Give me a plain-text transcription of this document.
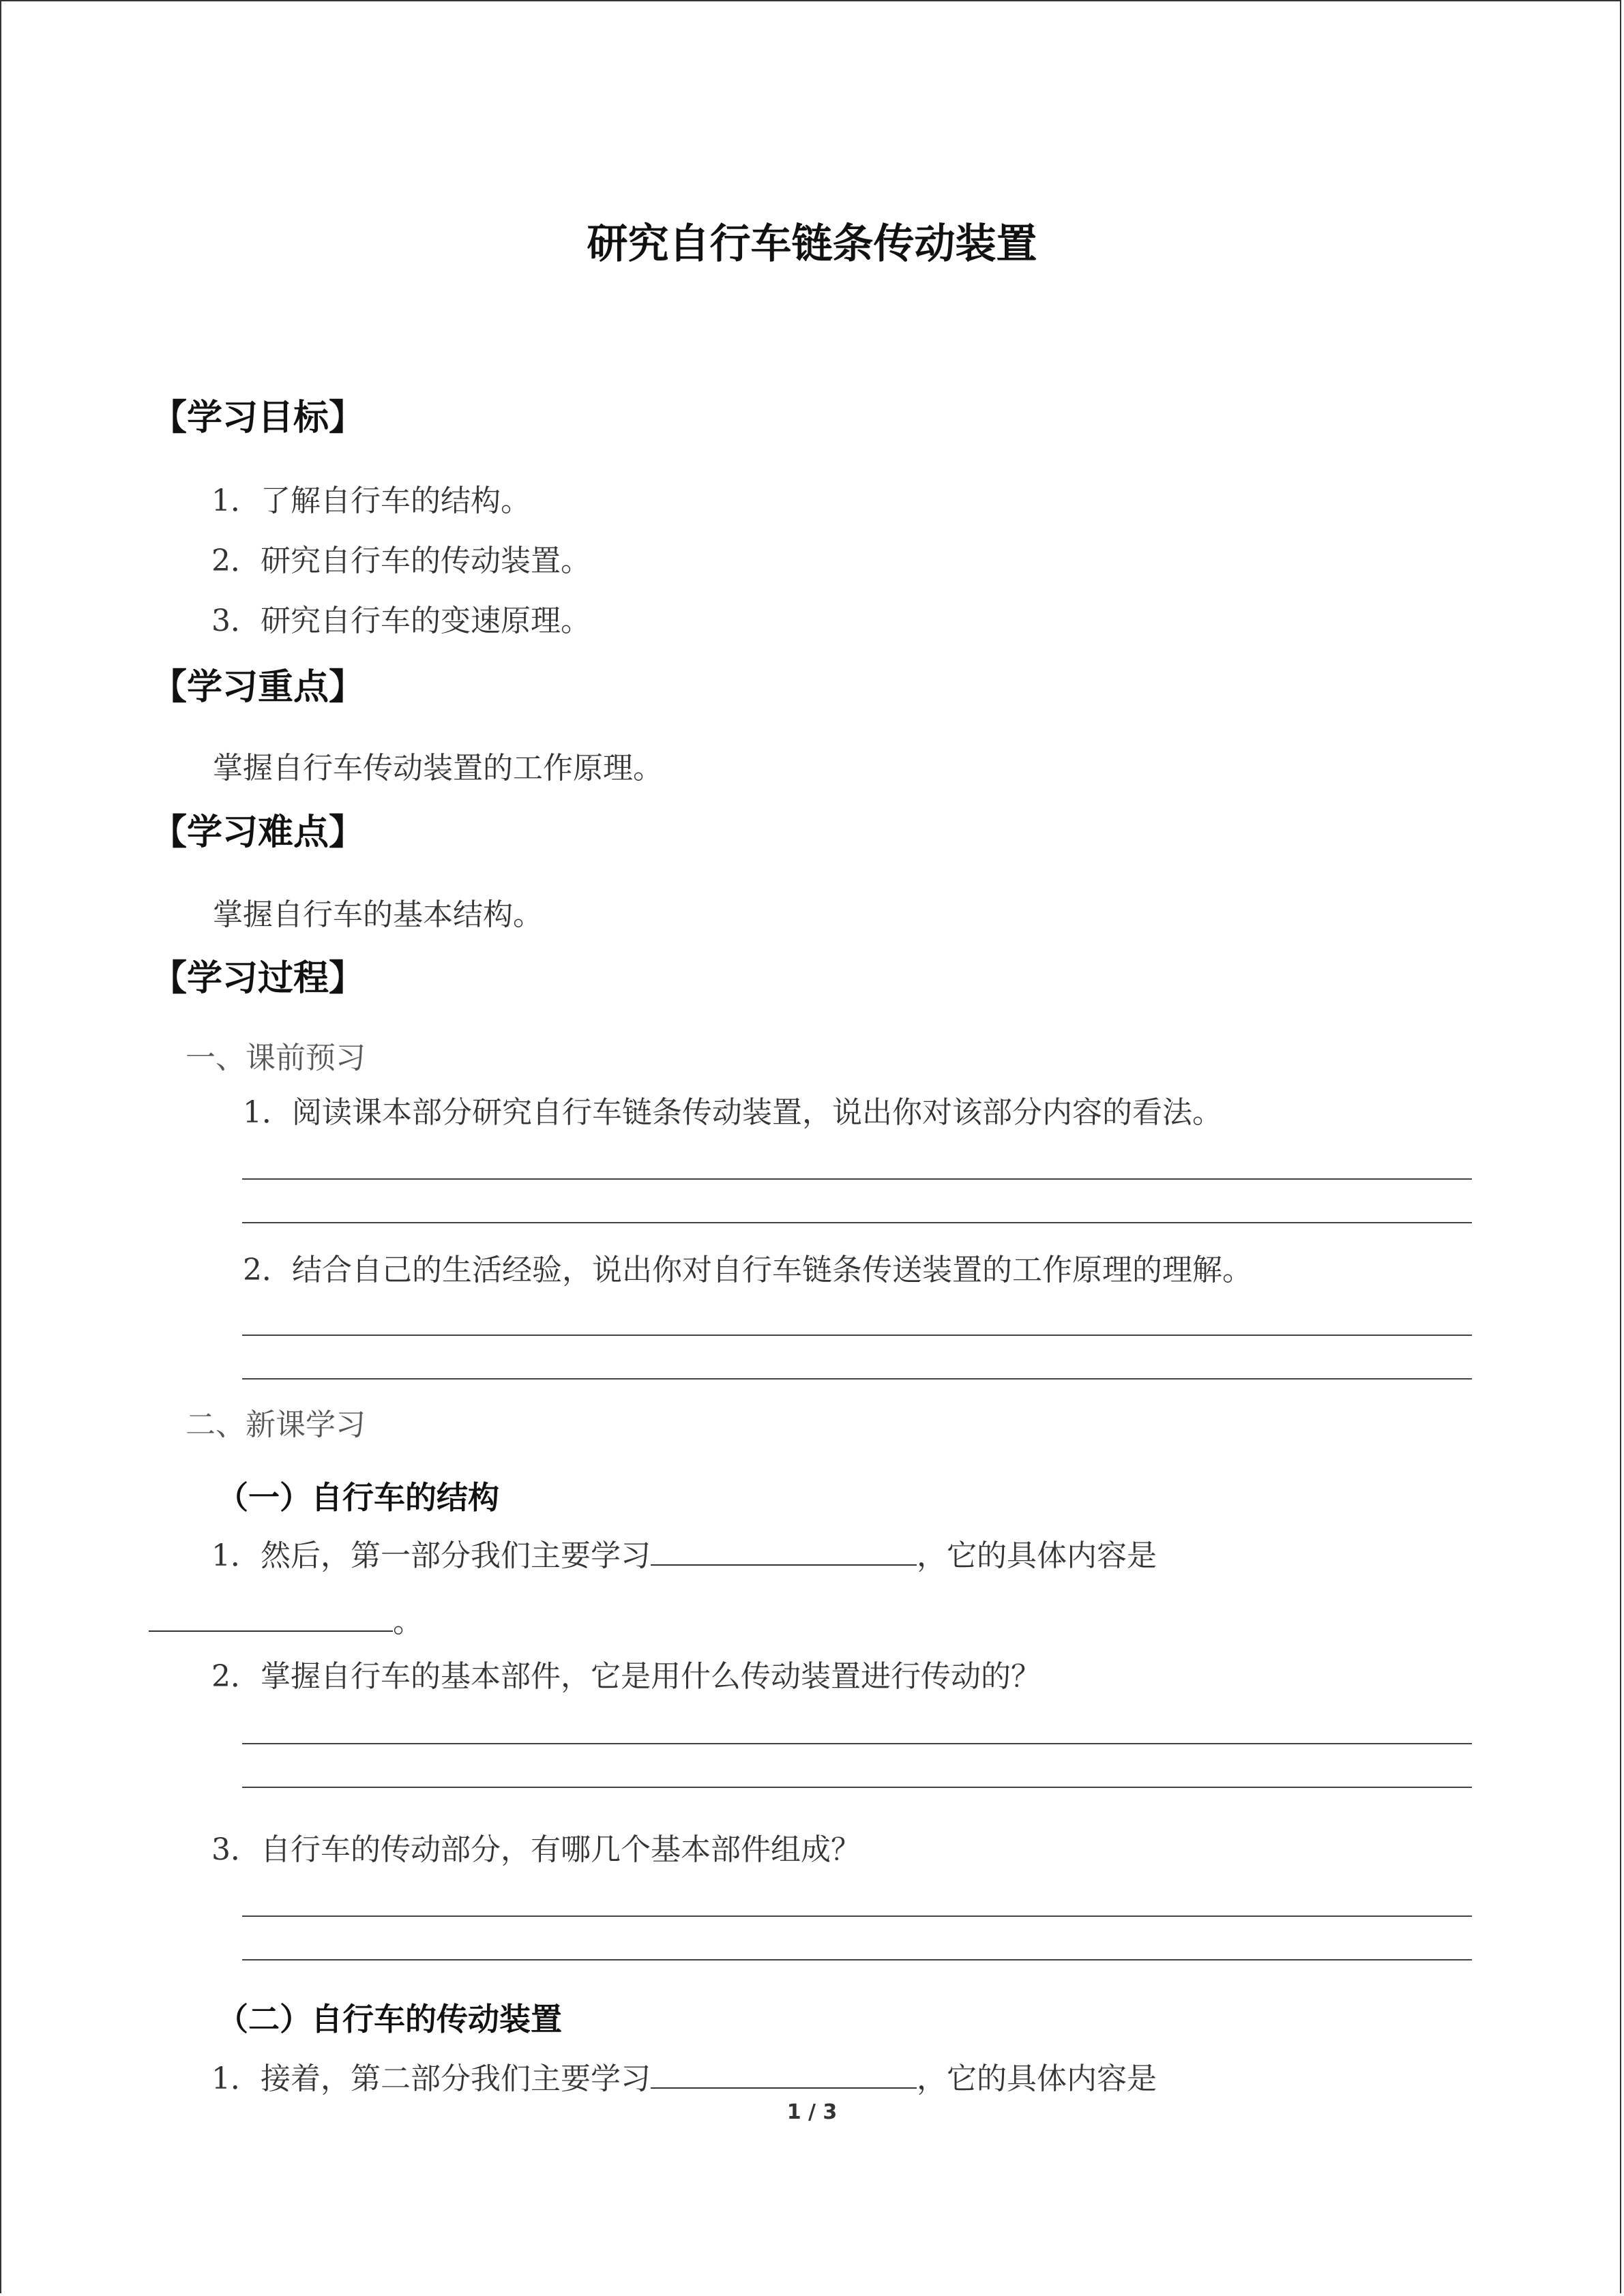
研究自行车链条传动装置
【学习目标】
1．了解自行车的结构。
2．研究自行车的传动装置。
3．研究自行车的变速原理。
【学习重点】
掌握自行车传动装置的工作原理。
【学习难点】
掌握自行车的基本结构。
【学习过程】
一、课前预习
1．阅读课本部分研究自行车链条传动装置，说出你对该部分内容的看法。
2．结合自己的生活经验，说出你对自行车链条传送装置的工作原理的理解。
二、新课学习
（一）自行车的结构
1．然后，第一部分我们主要学习	，它的具体内容是
。
2．掌握自行车的基本部件，它是用什么传动装置进行传动的？
3．自行车的传动部分，有哪几个基本部件组成？
（二）自行车的传动装置
1．接着，第二部分我们主要学习	，它的具体内容是
1 / 3
